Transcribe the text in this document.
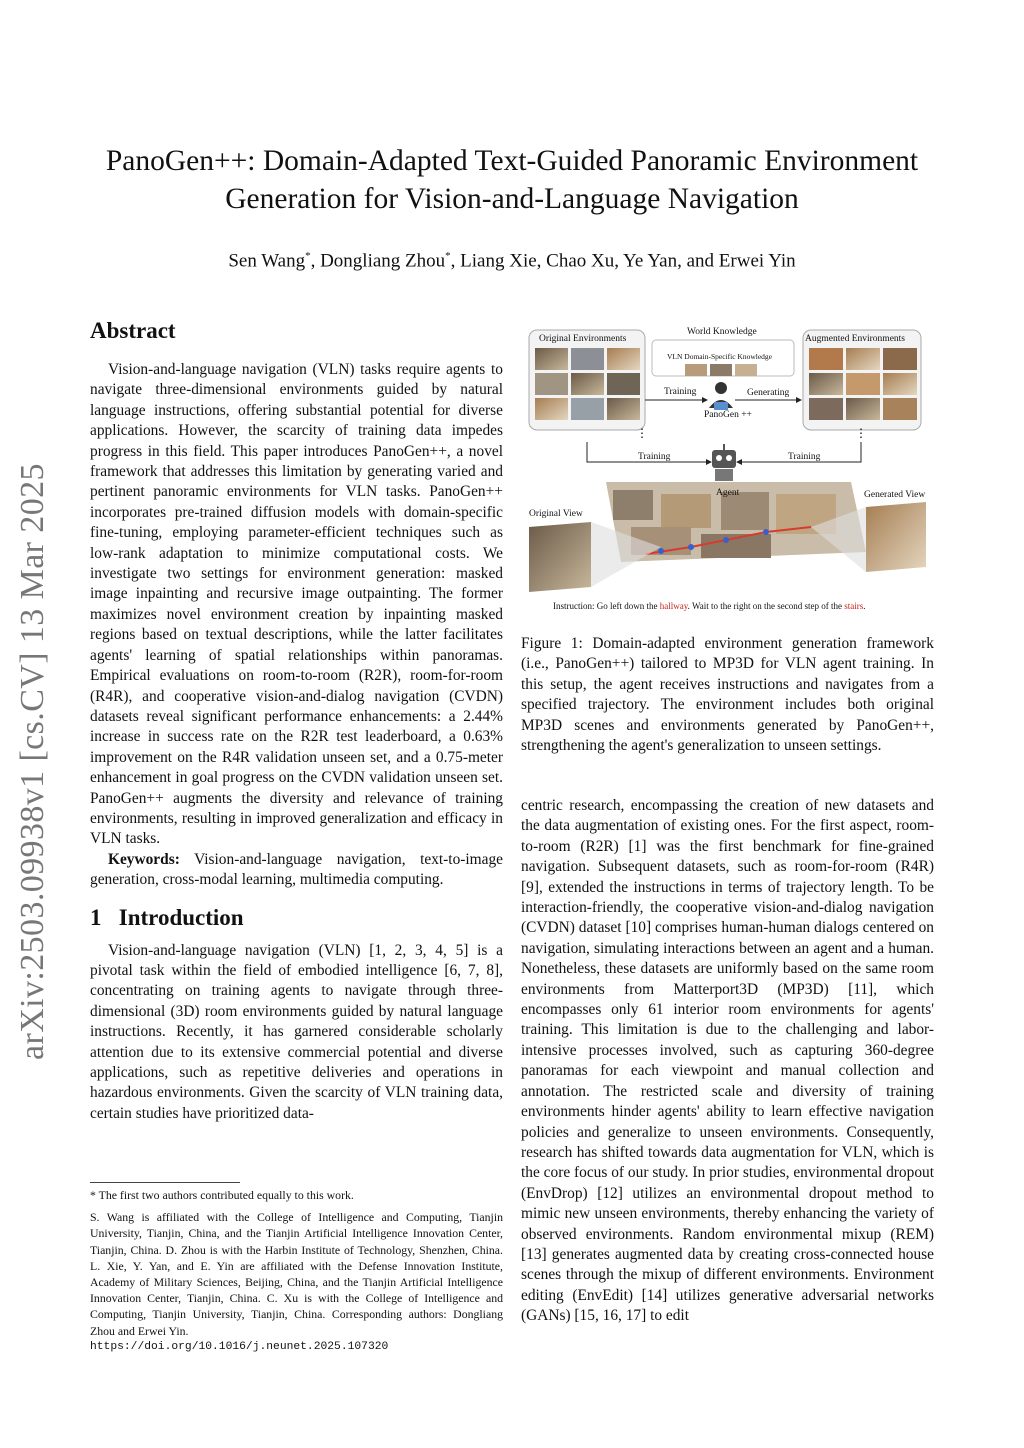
PanoGen++: Domain-Adapted Text-Guided Panoramic Environment
Generation for Vision-and-Language Navigation
Sen Wang*, Dongliang Zhou*, Liang Xie, Chao Xu, Ye Yan, and Erwei Yin
arXiv:2503.09938v1 [cs.CV] 13 Mar 2025
Abstract

Vision-and-language navigation (VLN) tasks require agents to navigate three-dimensional environments guided by natural language instructions, offering substantial potential for diverse applications. However, the scarcity of training data impedes progress in this field. This paper introduces PanoGen++, a novel framework that addresses this limitation by generating varied and pertinent panoramic environments for VLN tasks. PanoGen++ incorporates pre-trained diffusion models with domain-specific fine-tuning, employing parameter-efficient techniques such as low-rank adaptation to minimize computational costs. We investigate two settings for environment generation: masked image inpainting and recursive image outpainting. The former maximizes novel environment creation by inpainting masked regions based on textual descriptions, while the latter facilitates agents' learning of spatial relationships within panoramas. Empirical evaluations on room-to-room (R2R), room-for-room (R4R), and cooperative vision-and-dialog navigation (CVDN) datasets reveal significant performance enhancements: a 2.44% increase in success rate on the R2R test leaderboard, a 0.63% improvement on the R4R validation unseen set, and a 0.75-meter enhancement in goal progress on the CVDN validation unseen set. PanoGen++ augments the diversity and relevance of training environments, resulting in improved generalization and efficacy in VLN tasks.

Keywords: Vision-and-language navigation, text-to-image generation, cross-modal learning, multimedia computing.

1 Introduction

Vision-and-language navigation (VLN) [1, 2, 3, 4, 5] is a pivotal task within the field of embodied intelligence [6, 7, 8], concentrating on training agents to navigate through three-dimensional (3D) room environments guided by natural language instructions. Recently, it has garnered considerable scholarly attention due to its extensive commercial potential and diverse applications, such as repetitive deliveries and operations in hazardous environments. Given the scarcity of VLN training data, certain studies have prioritized data-

* The first two authors contributed equally to this work.
S. Wang is affiliated with the College of Intelligence and Computing, Tianjin University, Tianjin, China, and the Tianjin Artificial Intelligence Innovation Center, Tianjin, China. D. Zhou is with the Harbin Institute of Technology, Shenzhen, China. L. Xie, Y. Yan, and E. Yin are affiliated with the Defense Innovation Institute, Academy of Military Sciences, Beijing, China, and the Tianjin Artificial Intelligence Innovation Center, Tianjin, China. C. Xu is with the College of Intelligence and Computing, Tianjin University, Tianjin, China. Corresponding authors: Dongliang Zhou and Erwei Yin.
https://doi.org/10.1016/j.neunet.2025.107320
⋮	⋮
Original Environments
World Knowledge
VLN Domain-Specific Knowledge
Augmented Environments
Training	Generating
PanoGen ++
Training	Training
Agent
Original View
Generated View
Instruction: Go left down the hallway. Wait to the right on the second step of the stairs.
Figure 1: Domain-adapted environment generation framework (i.e., PanoGen++) tailored to MP3D for VLN agent training. In this setup, the agent receives instructions and navigates from a specified trajectory. The environment includes both original MP3D scenes and environments generated by PanoGen++, strengthening the agent's generalization to unseen settings.

centric research, encompassing the creation of new datasets and the data augmentation of existing ones. For the first aspect, room-to-room (R2R) [1] was the first benchmark for fine-grained navigation. Subsequent datasets, such as room-for-room (R4R) [9], extended the instructions in terms of trajectory length. To be interaction-friendly, the cooperative vision-and-dialog navigation (CVDN) dataset [10] comprises human-human dialogs centered on navigation, simulating interactions between an agent and a human. Nonetheless, these datasets are uniformly based on the same room environments from Matterport3D (MP3D) [11], which encompasses only 61 interior room environments for agents' training. This limitation is due to the challenging and labor-intensive processes involved, such as capturing 360-degree panoramas for each viewpoint and manual collection and annotation. The restricted scale and diversity of training environments hinder agents' ability to learn effective navigation policies and generalize to unseen environments. Consequently, research has shifted towards data augmentation for VLN, which is the core focus of our study. In prior studies, environmental dropout (EnvDrop) [12] utilizes an environmental dropout method to mimic new unseen environments, thereby enhancing the variety of observed environments. Random environmental mixup (REM) [13] generates augmented data by creating cross-connected house scenes through the mixup of different environments. Environment editing (EnvEdit) [14] utilizes generative adversarial networks (GANs) [15, 16, 17] to edit
